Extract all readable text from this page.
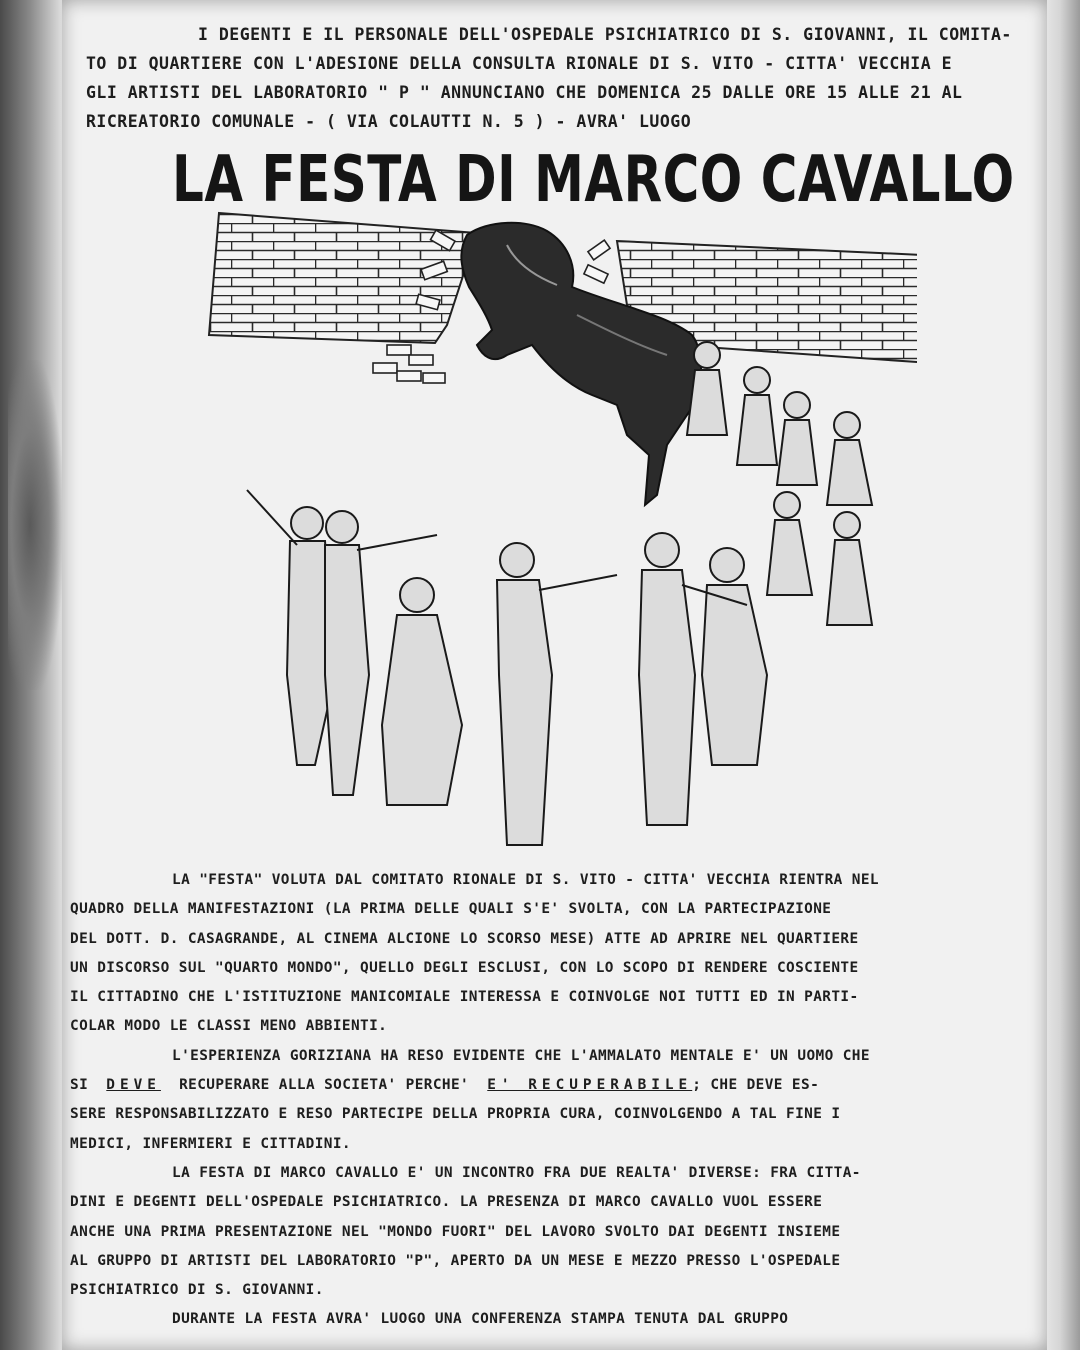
I DEGENTI E IL PERSONALE DELL'OSPEDALE PSICHIATRICO DI S. GIOVANNI, IL COMITA-
TO DI QUARTIERE CON L'ADESIONE DELLA CONSULTA RIONALE DI S. VITO - CITTA' VECCHIA E
GLI ARTISTI DEL LABORATORIO " P " ANNUNCIANO CHE DOMENICA 25 DALLE ORE 15 ALLE 21 AL
RICREATORIO COMUNALE - ( VIA COLAUTTI N. 5 ) - AVRA' LUOGO
LA FESTA DI MARCO CAVALLO
LA "FESTA" VOLUTA DAL COMITATO RIONALE DI S. VITO - CITTA' VECCHIA RIENTRA NEL
QUADRO DELLA MANIFESTAZIONI (LA PRIMA DELLE QUALI S'E' SVOLTA, CON LA PARTECIPAZIONE
DEL DOTT. D. CASAGRANDE, AL CINEMA ALCIONE LO SCORSO MESE) ATTE AD APRIRE NEL QUARTIERE
UN DISCORSO SUL "QUARTO MONDO", QUELLO DEGLI ESCLUSI, CON LO SCOPO DI RENDERE COSCIENTE
IL CITTADINO CHE L'ISTITUZIONE MANICOMIALE INTERESSA E COINVOLGE NOI TUTTI ED IN PARTI-
COLAR MODO LE CLASSI MENO ABBIENTI.
L'ESPERIENZA GORIZIANA HA RESO EVIDENTE CHE L'AMMALATO MENTALE E' UN UOMO CHE
SI DEVE RECUPERARE ALLA SOCIETA' PERCHE' E' RECUPERABILE; CHE DEVE ES-
SERE RESPONSABILIZZATO E RESO PARTECIPE DELLA PROPRIA CURA, COINVOLGENDO A TAL FINE I
MEDICI, INFERMIERI E CITTADINI.
LA FESTA DI MARCO CAVALLO E' UN INCONTRO FRA DUE REALTA' DIVERSE: FRA CITTA-
DINI E DEGENTI DELL'OSPEDALE PSICHIATRICO. LA PRESENZA DI MARCO CAVALLO VUOL ESSERE
ANCHE UNA PRIMA PRESENTAZIONE NEL "MONDO FUORI" DEL LAVORO SVOLTO DAI DEGENTI INSIEME
AL GRUPPO DI ARTISTI DEL LABORATORIO "P", APERTO DA UN MESE E MEZZO PRESSO L'OSPEDALE
PSICHIATRICO DI S. GIOVANNI.
DURANTE LA FESTA AVRA' LUOGO UNA CONFERENZA STAMPA TENUTA DAL GRUPPO
